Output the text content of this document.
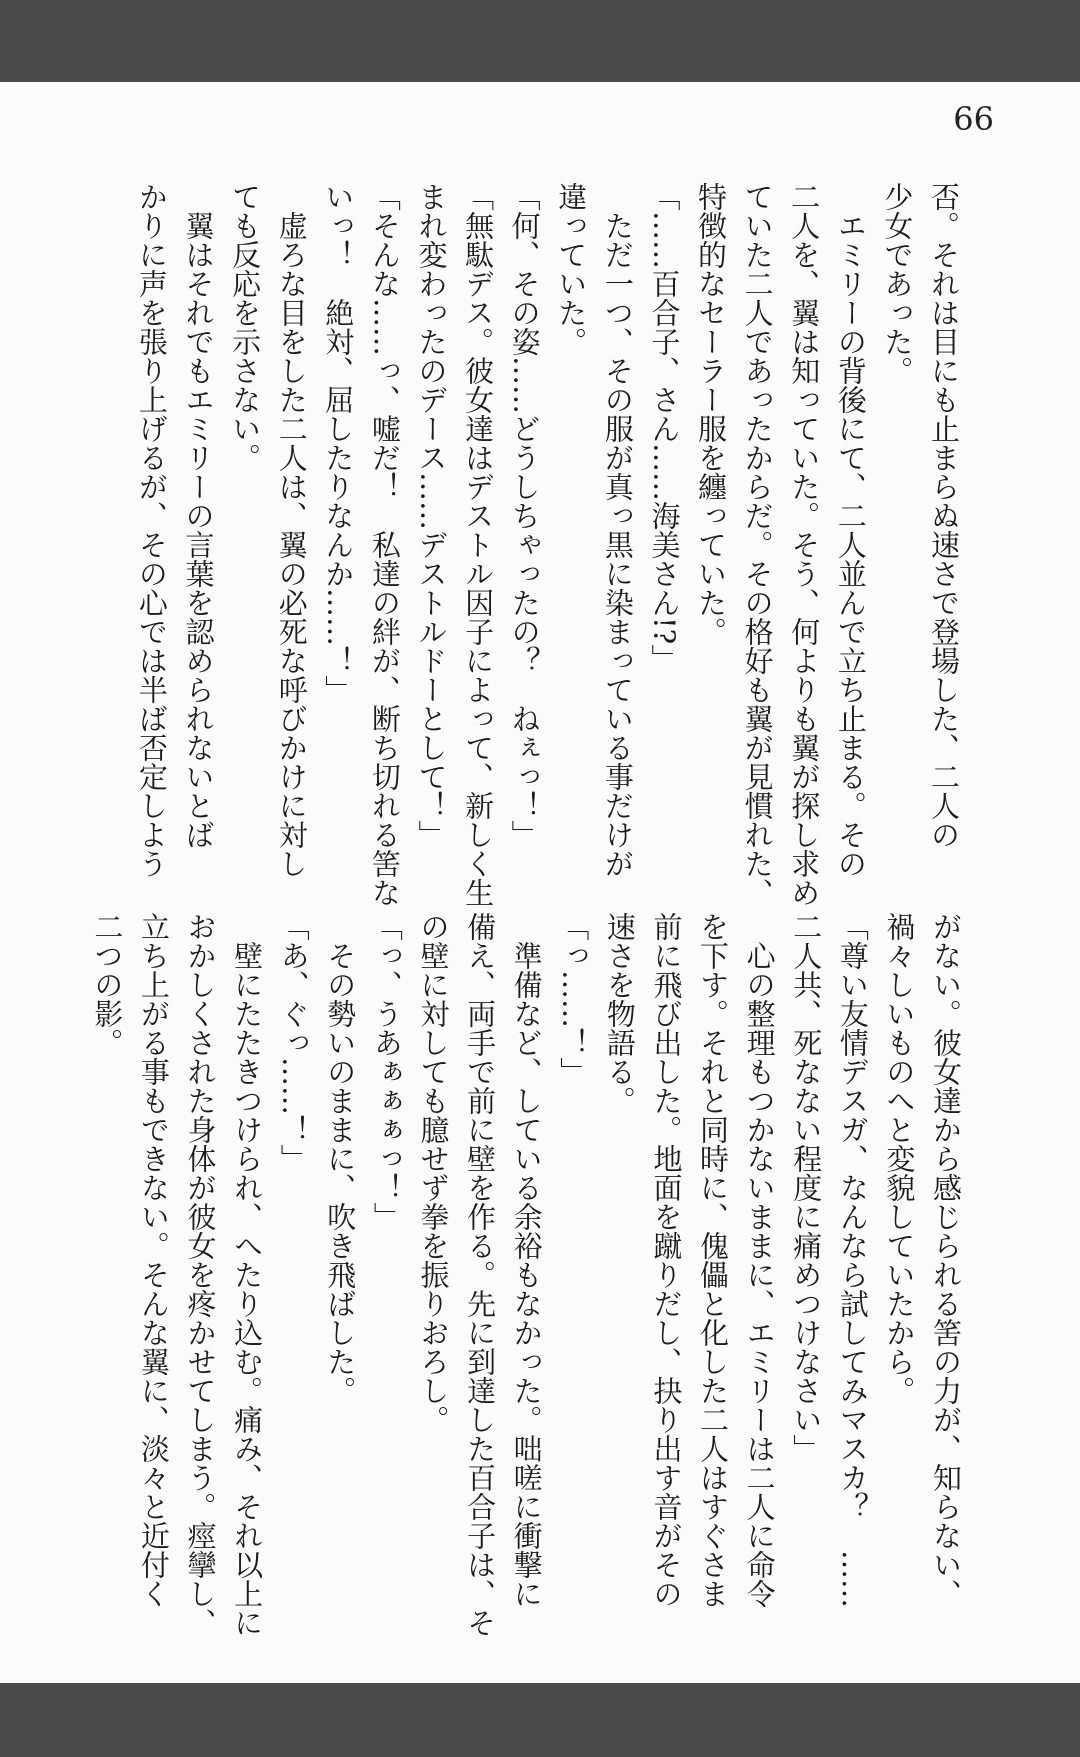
66
否。それは目にも止まらぬ速さで登場した、二人の
少女であった。
　エミリーの背後にて、二人並んで立ち止まる。その
二人を、翼は知っていた。そう、何よりも翼が探し求め
ていた二人であったからだ。その格好も翼が見慣れた、
特徴的なセーラー服を纏っていた。
「……百合子、さん……海美さん!?」
　ただ一つ、その服が真っ黒に染まっている事だけが
違っていた。
「何、その姿……どうしちゃったの？　ねぇっ！」
「無駄デス。彼女達はデストル因子によって、新しく生
まれ変わったのデース……デストルドーとして！」
「そんな……っ、嘘だ！　私達の絆が、断ち切れる筈な
いっ！　絶対、屈したりなんか……！」
　虚ろな目をした二人は、翼の必死な呼びかけに対し
ても反応を示さない。
　翼はそれでもエミリーの言葉を認められないとば
かりに声を張り上げるが、その心では半ば否定しよう
がない。彼女達から感じられる筈の力が、知らない、
禍々しいものへと変貌していたから。
「尊い友情デスガ、なんなら試してみマスカ？　……
二人共、死なない程度に痛めつけなさい」
　心の整理もつかないままに、エミリーは二人に命令
を下す。それと同時に、傀儡と化した二人はすぐさま
前に飛び出した。地面を蹴りだし、抉り出す音がその
速さを物語る。
「っ……！」
　準備など、している余裕もなかった。咄嗟に衝撃に
備え、両手で前に壁を作る。先に到達した百合子は、そ
の壁に対しても臆せず拳を振りおろし。
「っ、うあぁぁぁっ！」
　その勢いのままに、吹き飛ばした。
「あ、ぐっ……！」
　壁にたたきつけられ、へたり込む。痛み、それ以上に
おかしくされた身体が彼女を疼かせてしまう。痙攣し、
立ち上がる事もできない。そんな翼に、淡々と近付く
二つの影。
